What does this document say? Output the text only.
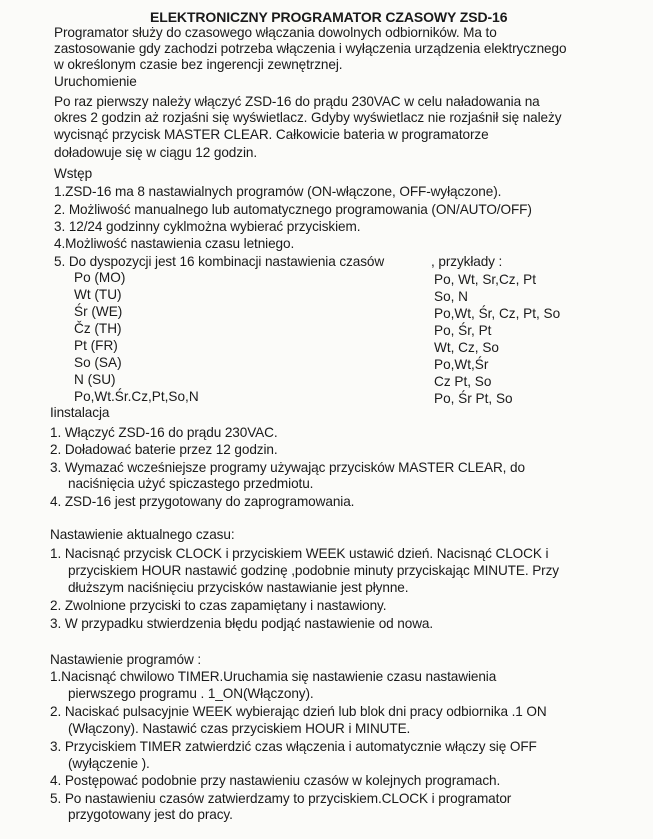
ELEKTRONICZNY PROGRAMATOR CZASOWY ZSD-16
Programator służy do czasowego włączania dowolnych odbiorników. Ma to
zastosowanie gdy zachodzi potrzeba włączenia i wyłączenia urządzenia elektrycznego
w określonym czasie bez ingerencji zewnętrznej.
Uruchomienie
Po raz pierwszy należy włączyć ZSD-16 do prądu 230VAC w celu naładowania na
okres 2 godzin aż rozjaśni się wyświetlacz. Gdyby wyświetlacz nie rozjaśnił się należy
wycisnąć przycisk MASTER CLEAR. Całkowicie bateria w programatorze
doładowuje się w ciągu 12 godzin.
Wstęp
1.ZSD-16 ma 8 nastawialnych programów (ON-włączone, OFF-wyłączone).
2. Możliwość manualnego lub automatycznego programowania (ON/AUTO/OFF)
3. 12/24 godzinny cyklmożna wybierać przyciskiem.
4.Możliwość nastawienia czasu letniego.
5. Do dyspozycji jest 16 kombinacji nastawienia czasów	, przykłady :
Po (MO)
Wt (TU)
Śr (WE)
Čz (TH)
Pt (FR)
So (SA)
N (SU)
Po,Wt.Śr.Cz,Pt,So,N
Po, Wt, Sr,Cz, Pt
So, N
Po,Wt, Śr, Cz, Pt, So
Po, Śr, Pt
Wt, Cz, So
Po,Wt,Śr
Cz Pt, So
Po, Śr Pt, So
Iinstalacja
1. Włączyć ZSD-16 do prądu 230VAC.
2. Doładować baterie przez 12 godzin.
3. Wymazać wcześniejsze programy używając przycisków MASTER CLEAR, do
naciśnięcia użyć spiczastego przedmiotu.
4. ZSD-16 jest przygotowany do zaprogramowania.
Nastawienie aktualnego czasu:
1. Nacisnąć przycisk CLOCK i przyciskiem WEEK ustawić dzień. Nacisnąć CLOCK i
przyciskiem HOUR nastawić godzinę ,podobnie minuty przyciskając MINUTE. Przy
dłuższym naciśnięciu przycisków nastawianie jest płynne.
2. Zwolnione przyciski to czas zapamiętany i nastawiony.
3. W przypadku stwierdzenia błędu podjąć nastawienie od nowa.
Nastawienie programów :
1.Nacisnąć chwilowo TIMER.Uruchamia się nastawienie czasu nastawienia
pierwszego programu . 1_ON(Włączony).
2. Naciskać pulsacyjnie WEEK wybierając dzień lub blok dni pracy odbiornika .1 ON
(Włączony). Nastawić czas przyciskiem HOUR i MINUTE.
3. Przyciskiem TIMER zatwierdzić czas włączenia i automatycznie włączy się OFF
(wyłączenie ).
4. Postępować podobnie przy nastawieniu czasów w kolejnych programach.
5. Po nastawieniu czasów zatwierdzamy to przyciskiem.CLOCK i programator
przygotowany jest do pracy.
